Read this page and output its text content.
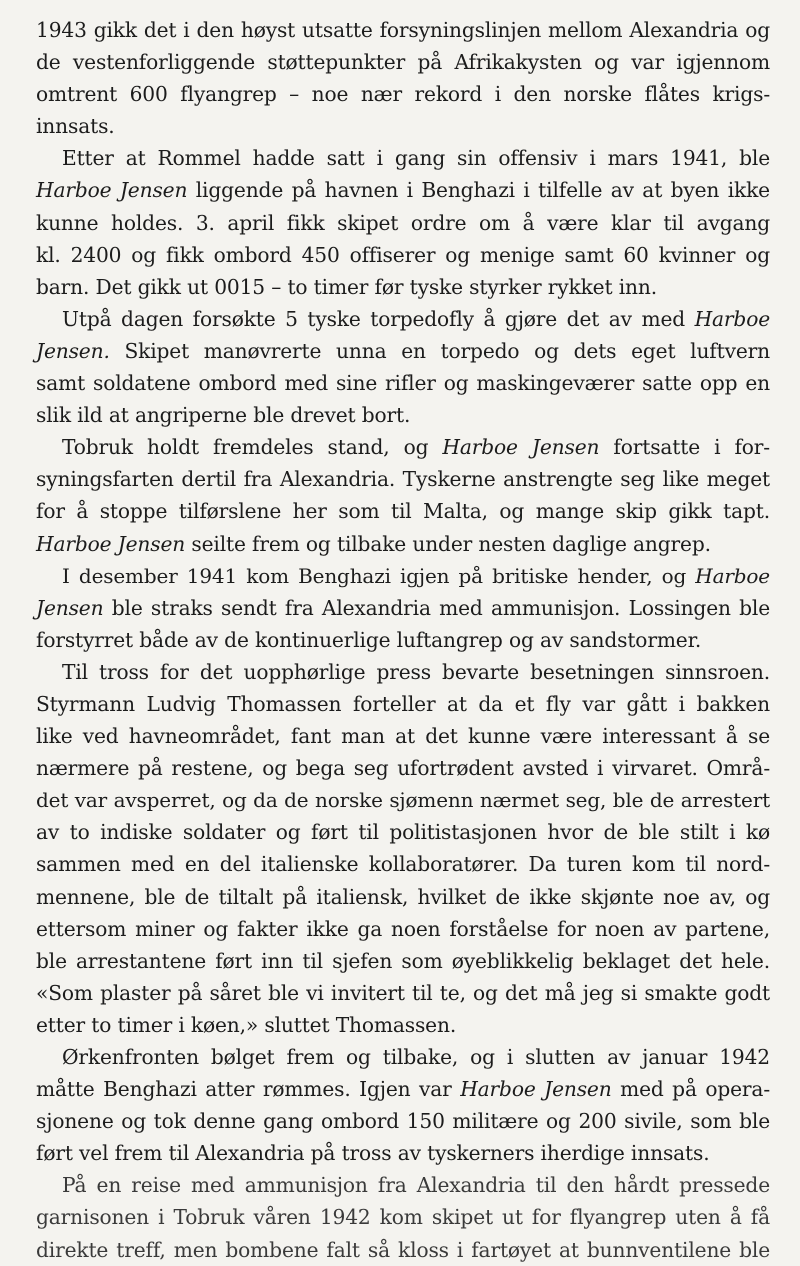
1943 gikk det i den høyst utsatte forsyningslinjen mellom Alexandria og
de vestenforliggende støttepunkter på Afrikakysten og var igjennom
omtrent 600 flyangrep – noe nær rekord i den norske flåtes krigs-
innsats.
Etter at Rommel hadde satt i gang sin offensiv i mars 1941, ble
Harboe Jensen liggende på havnen i Benghazi i tilfelle av at byen ikke
kunne holdes. 3. april fikk skipet ordre om å være klar til avgang
kl. 2400 og fikk ombord 450 offiserer og menige samt 60 kvinner og
barn. Det gikk ut 0015 – to timer før tyske styrker rykket inn.
Utpå dagen forsøkte 5 tyske torpedofly å gjøre det av med Harboe
Jensen. Skipet manøvrerte unna en torpedo og dets eget luftvern
samt soldatene ombord med sine rifler og maskingeværer satte opp en
slik ild at angriperne ble drevet bort.
Tobruk holdt fremdeles stand, og Harboe Jensen fortsatte i for-
syningsfarten dertil fra Alexandria. Tyskerne anstrengte seg like meget
for å stoppe tilførslene her som til Malta, og mange skip gikk tapt.
Harboe Jensen seilte frem og tilbake under nesten daglige angrep.
I desember 1941 kom Benghazi igjen på britiske hender, og Harboe
Jensen ble straks sendt fra Alexandria med ammunisjon. Lossingen ble
forstyrret både av de kontinuerlige luftangrep og av sandstormer.
Til tross for det uopphørlige press bevarte besetningen sinnsroen.
Styrmann Ludvig Thomassen forteller at da et fly var gått i bakken
like ved havneområdet, fant man at det kunne være interessant å se
nærmere på restene, og bega seg ufortrødent avsted i virvaret. Områ-
det var avsperret, og da de norske sjømenn nærmet seg, ble de arrestert
av to indiske soldater og ført til politistasjonen hvor de ble stilt i kø
sammen med en del italienske kollaboratører. Da turen kom til nord-
mennene, ble de tiltalt på italiensk, hvilket de ikke skjønte noe av, og
ettersom miner og fakter ikke ga noen forståelse for noen av partene,
ble arrestantene ført inn til sjefen som øyeblikkelig beklaget det hele.
«Som plaster på såret ble vi invitert til te, og det må jeg si smakte godt
etter to timer i køen,» sluttet Thomassen.
Ørkenfronten bølget frem og tilbake, og i slutten av januar 1942
måtte Benghazi atter rømmes. Igjen var Harboe Jensen med på opera-
sjonene og tok denne gang ombord 150 militære og 200 sivile, som ble
ført vel frem til Alexandria på tross av tyskerners iherdige innsats.
På en reise med ammunisjon fra Alexandria til den hårdt pressede
garnisonen i Tobruk våren 1942 kom skipet ut for flyangrep uten å få
direkte treff, men bombene falt så kloss i fartøyet at bunnventilene ble
